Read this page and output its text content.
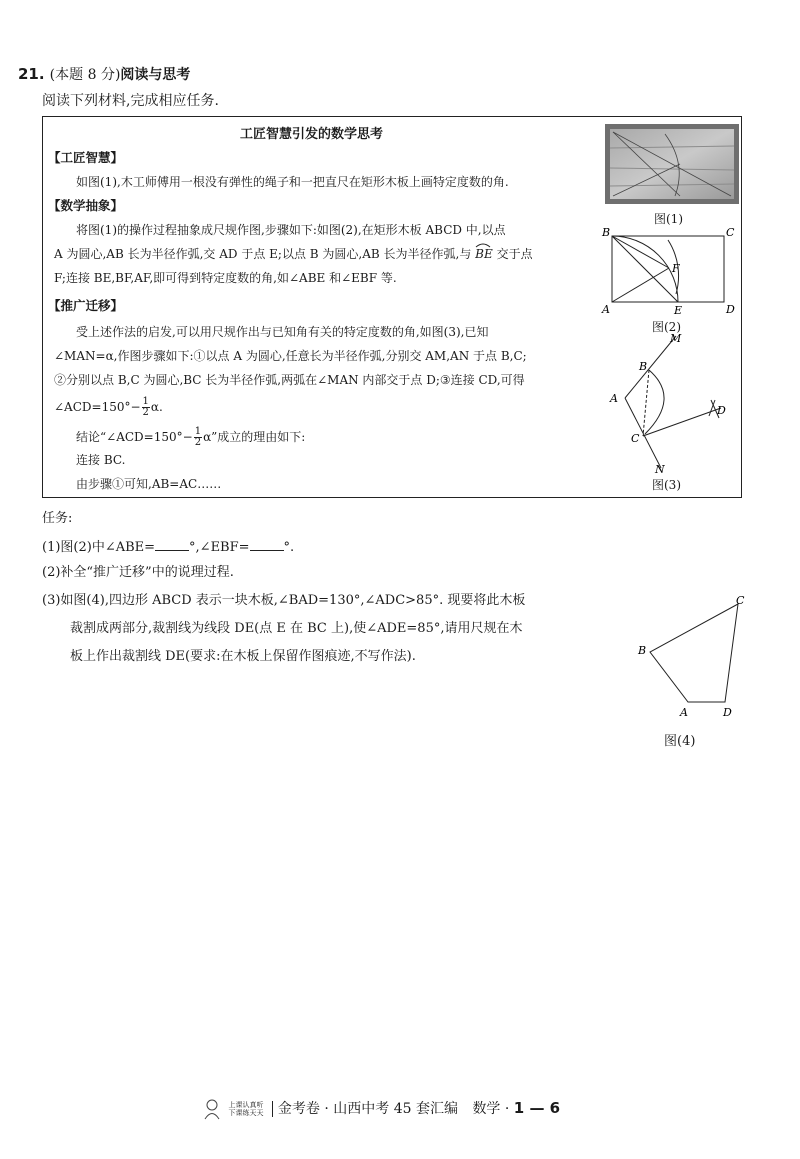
21. (本题 8 分)阅读与思考
阅读下列材料,完成相应任务.
工匠智慧引发的数学思考
【工匠智慧】
如图(1),木工师傅用一根没有弹性的绳子和一把直尺在矩形木板上画特定度数的角.
【数学抽象】
将图(1)的操作过程抽象成尺规作图,步骤如下:如图(2),在矩形木板 ABCD 中,以点
A 为圆心,AB 长为半径作弧,交 AD 于点 E;以点 B 为圆心,AB 长为半径作弧,与 BE 交于点
F;连接 BE,BF,AF,即可得到特定度数的角,如∠ABE 和∠EBF 等.
【推广迁移】
受上述作法的启发,可以用尺规作出与已知角有关的特定度数的角,如图(3),已知
∠MAN=α,作图步骤如下:①以点 A 为圆心,任意长为半径作弧,分别交 AM,AN 于点 B,C;
②分别以点 B,C 为圆心,BC 长为半径作弧,两弧在∠MAN 内部交于点 D;③连接 CD,可得
∠ACD=150°− $\frac{1}{2} \alpha$.
结论“∠ACD=150°− $\frac{1}{2} \alpha$”成立的理由如下:
连接 BC.
由步骤①可知,AB=AC……
图(1)
B	C
A	D
E
F
图(2)
M
B
A
C
D
N
图(3)
任务:
(1)图(2)中∠ABE=	°,∠EBF=	°.
(2)补全“推广迁移”中的说理过程.
(3)如图(4),四边形 ABCD 表示一块木板,∠BAD=130°,∠ADC>85°. 现要将此木板
裁割成两部分,裁割线为线段 DE(点 E 在 BC 上),使∠ADE=85°,请用尺规在木
板上作出裁割线 DE(要求:在木板上保留作图痕迹,不写作法).
C
B
A	D
图(4)

上课认真听
下课练天天 金考卷 · 山西中考 45 套汇编 数学 · 1 — 6
